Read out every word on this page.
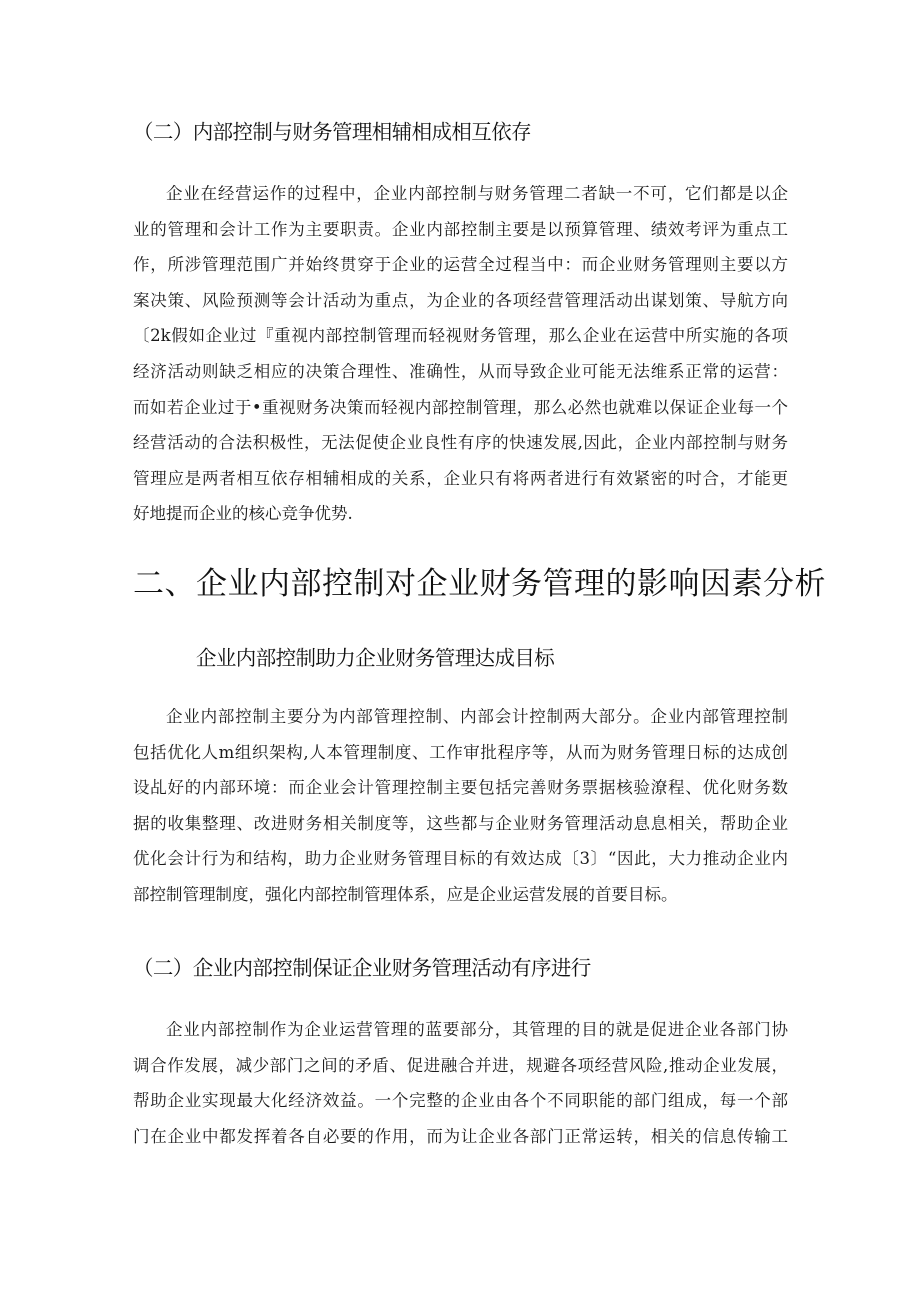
（二）内部控制与财务管理相辅相成相互依存
企业在经营运作的过程中，企业内部控制与财务管理二者缺一不可，它们都是以企
业的管理和会计工作为主要职责。企业内部控制主要是以预算管理、绩效考评为重点工
作，所涉管理范围广并始终贯穿于企业的运营全过程当中：而企业财务管理则主要以方
案决策、风险预测等会计活动为重点，为企业的各项经营管理活动出谋划策、导航方向
〔2k假如企业过『重视内部控制管理而轻视财务管理，那么企业在运营中所实施的各项
经济活动则缺乏相应的决策合理性、准确性，从而导致企业可能无法维系正常的运营：
而如若企业过于•重视财务决策而轻视内部控制管理，那么必然也就难以保证企业每一个
经营活动的合法积极性，无法促使企业良性有序的快速发展,因此，企业内部控制与财务
管理应是两者相互依存相辅相成的关系，企业只有将两者进行有效紧密的吋合，才能更
好地提而企业的核心竞争优势.
二、企业内部控制对企业财务管理的影响因素分析
企业内部控制助力企业财务管理达成目标
企业内部控制主要分为内部管理控制、内部会计控制两大部分。企业内部管理控制
包括优化人m组织架构,人本管理制度、工作审批程序等，从而为财务管理日标的达成创
设乩好的内部环境：而企业会计管理控制主要包括完善财务票据核验潦程、优化财务数
据的收集整理、改进财务相关制度等，这些都与企业财务管理活动息息相关，帮助企业
优化会计行为和结构，助力企业财务管理目标的有效达成〔3〕“因此，大力推动企业内
部控制管理制度，强化内部控制管理体系，应是企业运营发展的首要目标。
（二）企业内部控制保证企业财务管理活动有序进行
企业内部控制作为企业运营管理的蓝要部分，其管理的目的就是促进企业各部门协
调合作发展，减少部门之间的矛盾、促进融合并进，规避各项经营风险,推动企业发展，
帮助企业实现最大化经济效益。一个完整的企业由各个不同职能的部门组成，每一个部
门在企业中都发挥着各自必要的作用，而为让企业各部门正常运转，相关的信息传输工
